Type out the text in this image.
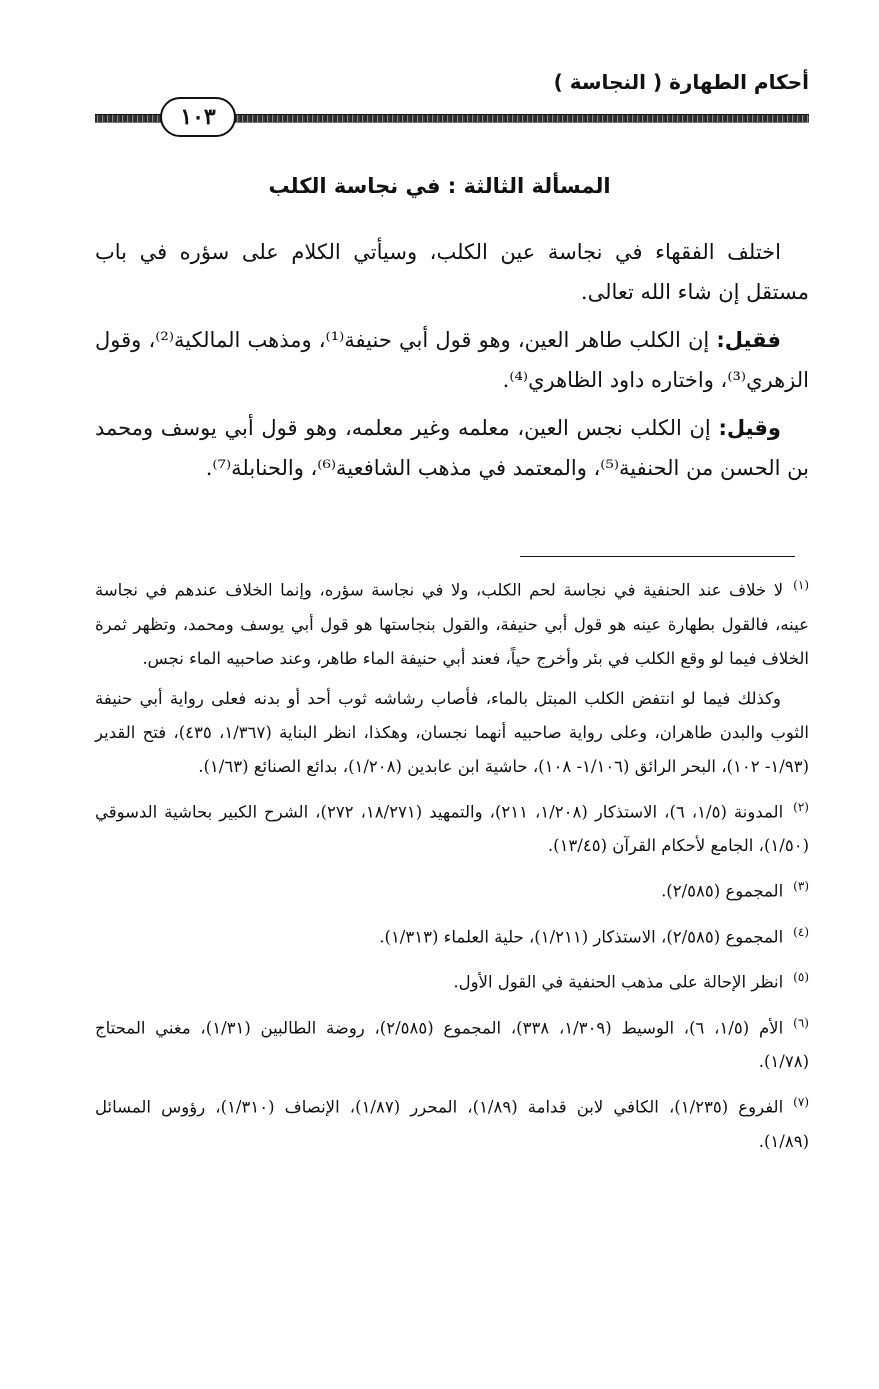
أحكام الطهارة ( النجاسة )
١٠٣
المسألة الثالثة : في نجاسة الكلب

اختلف الفقهاء في نجاسة عين الكلب، وسيأتي الكلام على سؤره في باب مستقل إن شاء الله تعالى.

فقيل: إن الكلب طاهر العين، وهو قول أبي حنيفة⁽¹⁾، ومذهب المالكية⁽²⁾، وقول الزهري⁽³⁾، واختاره داود الظاهري⁽⁴⁾.

وقيل: إن الكلب نجس العين، معلمه وغير معلمه، وهو قول أبي يوسف ومحمد بن الحسن من الحنفية⁽⁵⁾، والمعتمد في مذهب الشافعية⁽⁶⁾، والحنابلة⁽⁷⁾.

$^{(١)}$لا خلاف عند الحنفية في نجاسة لحم الكلب، ولا في نجاسة سؤره، وإنما الخلاف عندهم في نجاسة عينه، فالقول بطهارة عينه هو قول أبي حنيفة، والقول بنجاستها هو قول أبي يوسف ومحمد، وتظهر ثمرة الخلاف فيما لو وقع الكلب في بئر وأخرج حياً، فعند أبي حنيفة الماء طاهر، وعند صاحبيه الماء نجس.

وكذلك فيما لو انتفض الكلب المبتل بالماء، فأصاب رشاشه ثوب أحد أو بدنه فعلى رواية أبي حنيفة الثوب والبدن طاهران، وعلى رواية صاحبيه أنهما نجسان، وهكذا، انظر البناية (١/٣٦٧، ٤٣٥)، فتح القدير (١/٩٣- ١٠٢)، البحر الرائق (١/١٠٦- ١٠٨)، حاشية ابن عابدين (١/٢٠٨)، بدائع الصنائع (١/٦٣).

$^{(٢)}$المدونة (١/٥، ٦)، الاستذكار (١/٢٠٨، ٢١١)، والتمهيد (١٨/٢٧١، ٢٧٢)، الشرح الكبير بحاشية الدسوقي (١/٥٠)، الجامع لأحكام القرآن (١٣/٤٥).

$^{(٣)}$المجموع (٢/٥٨٥).

$^{(٤)}$المجموع (٢/٥٨٥)، الاستذكار (١/٢١١)، حلية العلماء (١/٣١٣).

$^{(٥)}$انظر الإحالة على مذهب الحنفية في القول الأول.

$^{(٦)}$الأم (١/٥، ٦)، الوسيط (١/٣٠٩، ٣٣٨)، المجموع (٢/٥٨٥)، روضة الطالبين (١/٣١)، مغني المحتاج (١/٧٨).

$^{(٧)}$الفروع (١/٢٣٥)، الكافي لابن قدامة (١/٨٩)، المحرر (١/٨٧)، الإنصاف (١/٣١٠)، رؤوس المسائل (١/٨٩).
